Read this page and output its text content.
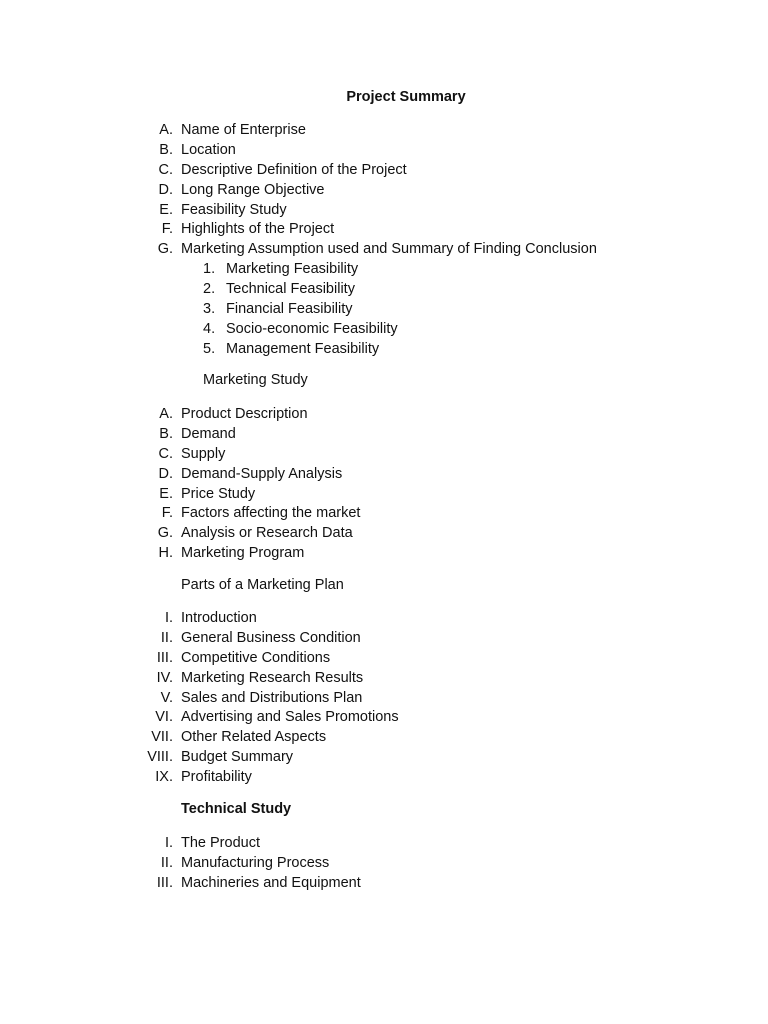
Project Summary
A. Name of Enterprise
B. Location
C. Descriptive Definition of the Project
D. Long Range Objective
E. Feasibility Study
F. Highlights of the Project
G. Marketing Assumption used and Summary of Finding Conclusion
1. Marketing Feasibility
2. Technical Feasibility
3. Financial Feasibility
4. Socio-economic Feasibility
5. Management Feasibility
Marketing Study
A. Product Description
B. Demand
C. Supply
D. Demand-Supply Analysis
E. Price Study
F. Factors affecting the market
G. Analysis or Research Data
H. Marketing Program
Parts of a Marketing Plan
I. Introduction
II. General Business Condition
III. Competitive Conditions
IV. Marketing Research Results
V. Sales and Distributions Plan
VI. Advertising and Sales Promotions
VII. Other Related Aspects
VIII. Budget Summary
IX. Profitability
Technical Study
I. The Product
II. Manufacturing Process
III. Machineries and Equipment
